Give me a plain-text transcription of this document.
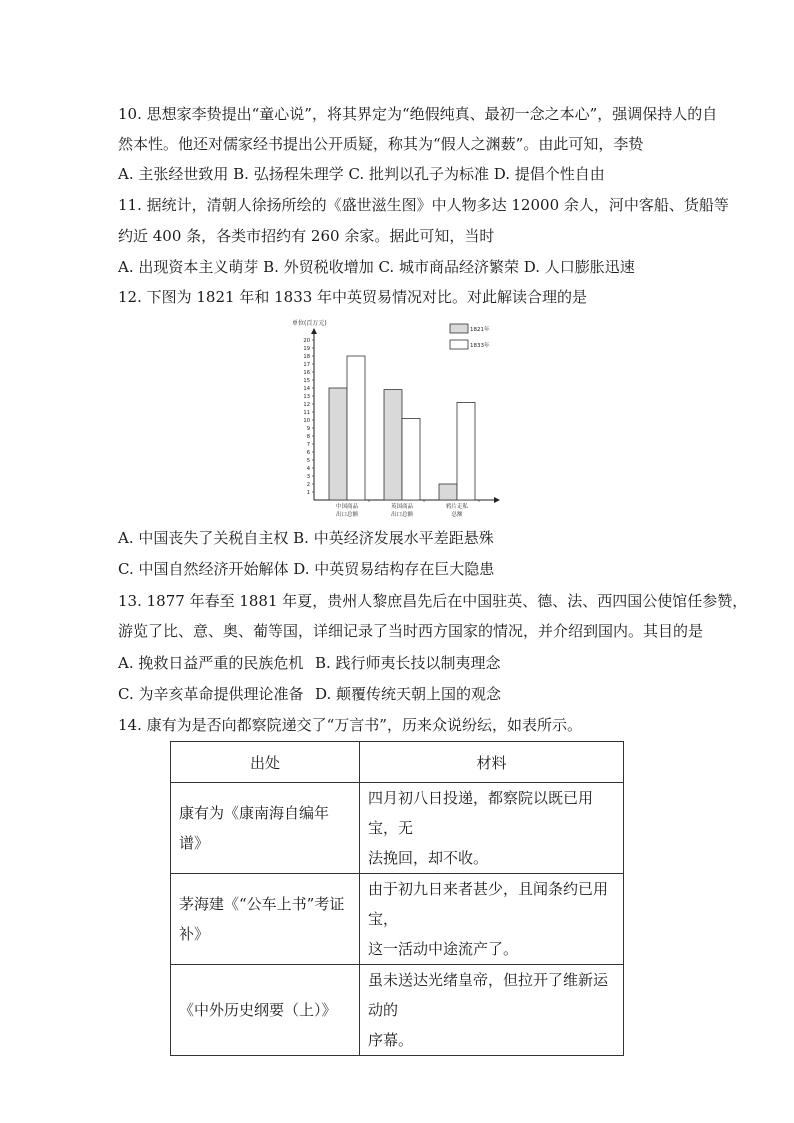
10. 思想家李贽提出“童心说”，将其界定为“绝假纯真、最初一念之本心”，强调保持人的自
然本性。他还对儒家经书提出公开质疑，称其为“假人之渊薮”。由此可知，李贽
A. 主张经世致用 B. 弘扬程朱理学 C. 批判以孔子为标准 D. 提倡个性自由
11. 据统计，清朝人徐扬所绘的《盛世滋生图》中人物多达 12000 余人，河中客船、货船等
约近 400 条，各类市招约有 260 余家。据此可知，当时
A. 出现资本主义萌芽 B. 外贸税收增加 C. 城市商品经济繁荣 D. 人口膨胀迅速
12. 下图为 1821 年和 1833 年中英贸易情况对比。对此解读合理的是
单位(百万元)
1
2
3
4
5
6
7
8
9
10
11
12
13
14
15
16
17
18
19
20
中国商品
出口总额
英国商品
出口总额
鸦片走私
总额
1821年
1833年
A. 中国丧失了关税自主权 B. 中英经济发展水平差距悬殊
C. 中国自然经济开始解体 D. 中英贸易结构存在巨大隐患
13. 1877 年春至 1881 年夏，贵州人黎庶昌先后在中国驻英、德、法、西四国公使馆任参赞，
游览了比、意、奥、葡等国，详细记录了当时西方国家的情况，并介绍到国内。其目的是
A. 挽救日益严重的民族危机 B. 践行师夷长技以制夷理念
C. 为辛亥革命提供理论准备 D. 颠覆传统天朝上国的观念
14. 康有为是否向都察院递交了“万言书”，历来众说纷纭，如表所示。
出处	材料
康有为《康南海自编年谱》	四月初八日投递，都察院以既已用宝，无
法挽回，却不收。

茅海建《“公车上书”考证补》	由于初九日来者甚少，且闻条约已用宝，
这一活动中途流产了。

《中外历史纲要（上）》	虽未送达光绪皇帝，但拉开了维新运动的
序幕。
